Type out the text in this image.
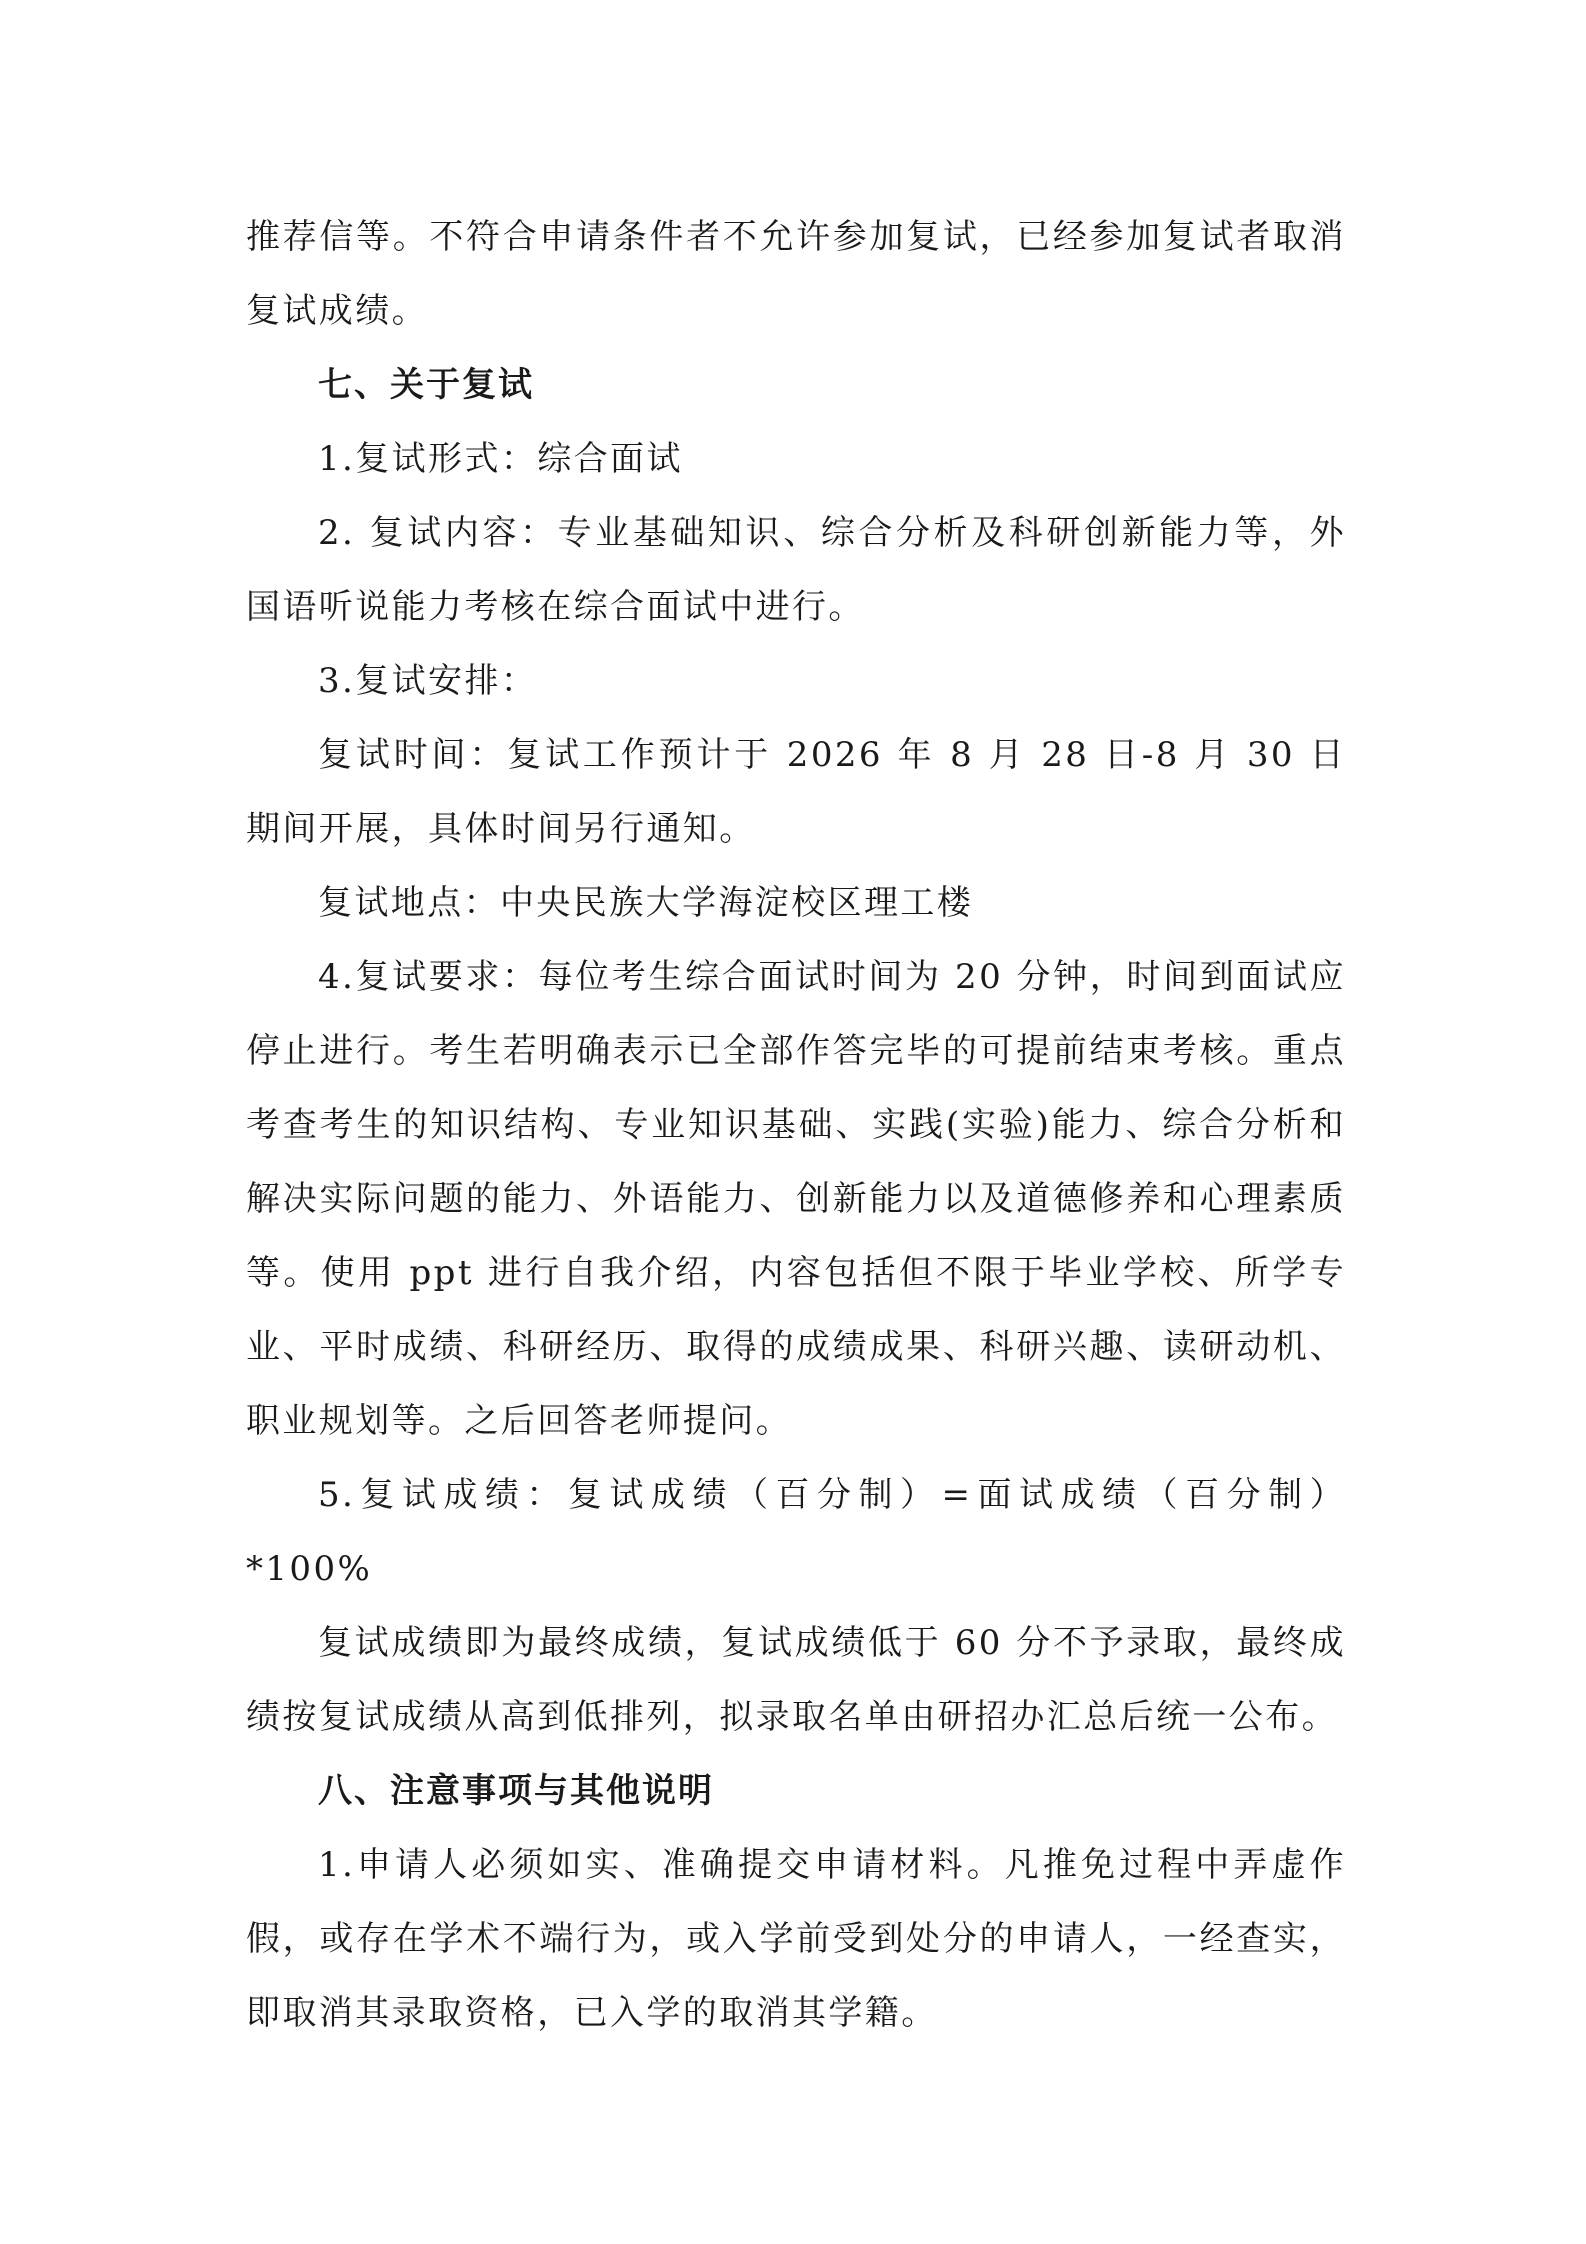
推荐信等。不符合申请条件者不允许参加复试，已经参加复试者取消复试成绩。

七、关于复试

1.复试形式：综合面试

2. 复试内容：专业基础知识、综合分析及科研创新能力等，外国语听说能力考核在综合面试中进行。

3.复试安排：

复试时间：复试工作预计于 2026 年 8 月 28 日-8 月 30 日期间开展，具体时间另行通知。

复试地点：中央民族大学海淀校区理工楼

4.复试要求：每位考生综合面试时间为 20 分钟，时间到面试应停止进行。考生若明确表示已全部作答完毕的可提前结束考核。重点考查考生的知识结构、专业知识基础、实践(实验)能力、综合分析和解决实际问题的能力、外语能力、创新能力以及道德修养和心理素质等。使用 ppt 进行自我介绍，内容包括但不限于毕业学校、所学专业、平时成绩、科研经历、取得的成绩成果、科研兴趣、读研动机、职业规划等。之后回答老师提问。

5.复试成绩：复试成绩（百分制）=面试成绩（百分制）*100%

复试成绩即为最终成绩，复试成绩低于 60 分不予录取，最终成绩按复试成绩从高到低排列，拟录取名单由研招办汇总后统一公布。

八、注意事项与其他说明

1.申请人必须如实、准确提交申请材料。凡推免过程中弄虚作假，或存在学术不端行为，或入学前受到处分的申请人，一经查实，即取消其录取资格，已入学的取消其学籍。
